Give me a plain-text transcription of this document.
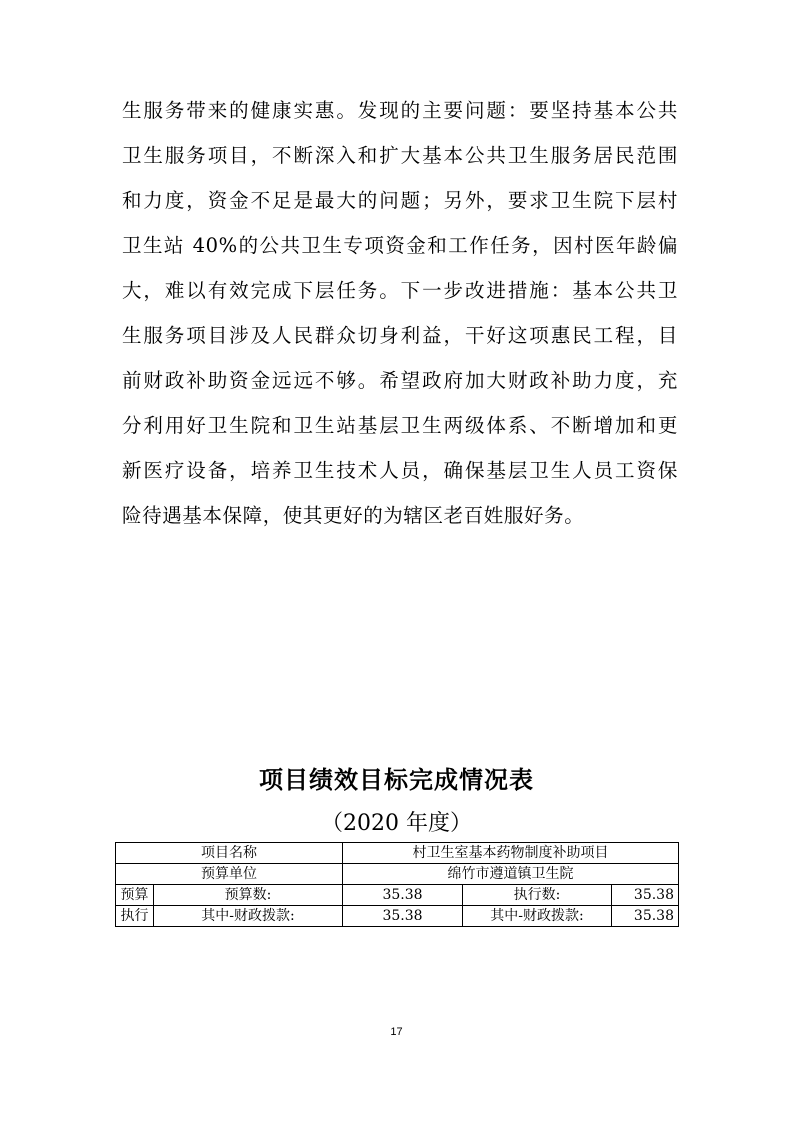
生服务带来的健康实惠。发现的主要问题：要坚持基本公共
卫生服务项目，不断深入和扩大基本公共卫生服务居民范围
和力度，资金不足是最大的问题；另外，要求卫生院下层村
卫生站 40%的公共卫生专项资金和工作任务，因村医年龄偏
大，难以有效完成下层任务。下一步改进措施：基本公共卫
生服务项目涉及人民群众切身利益，干好这项惠民工程，目
前财政补助资金远远不够。希望政府加大财政补助力度，充
分利用好卫生院和卫生站基层卫生两级体系、不断增加和更
新医疗设备，培养卫生技术人员，确保基层卫生人员工资保
险待遇基本保障，使其更好的为辖区老百姓服好务。

项目绩效目标完成情况表

（2020 年度）

项目名称		村卫生室基本药物制度补助项目		
预算单位		绵竹市遵道镇卫生院		
预算	预算数:	35.38	执行数:	35.38
执行	其中-财政拨款:	35.38	其中-财政拨款:	35.38

17
